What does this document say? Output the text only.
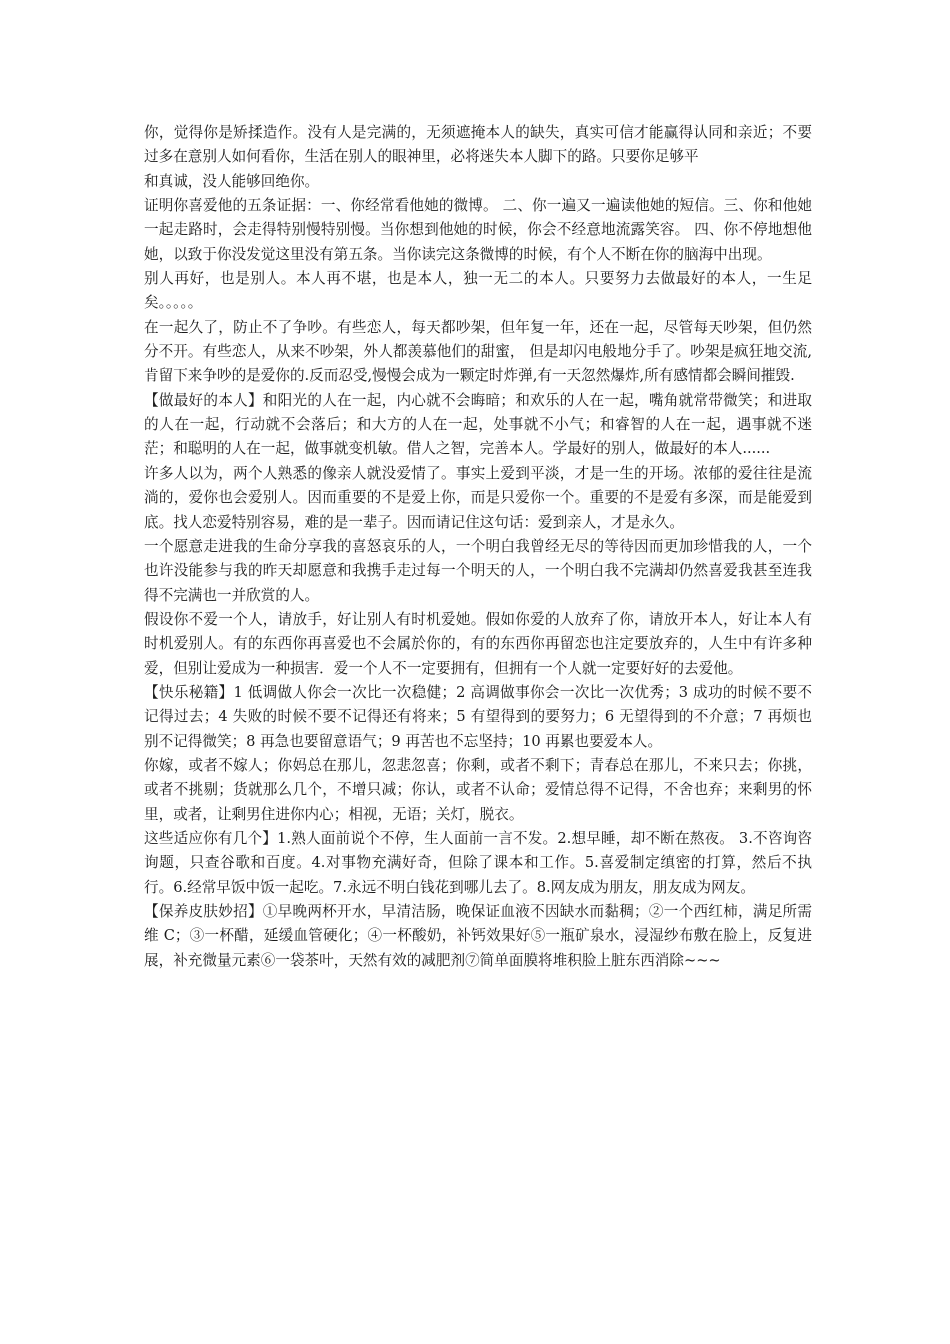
你，觉得你是矫揉造作。没有人是完满的，无须遮掩本人的缺失，真实可信才能赢得认同和亲近；不要过多在意别人如何看你，生活在别人的眼神里，必将迷失本人脚下的路。只要你足够平

和真诚，没人能够回绝你。

证明你喜爱他的五条证据：一、你经常看他她的微博。 二、你一遍又一遍读他她的短信。三、你和他她一起走路时，会走得特别慢特别慢。当你想到他她的时候，你会不经意地流露笑容。 四、你不停地想他她，以致于你没发觉这里没有第五条。当你读完这条微博的时候，有个人不断在你的脑海中出现。

别人再好，也是别人。本人再不堪，也是本人，独一无二的本人。只要努力去做最好的本人，一生足矣。。。。。

在一起久了，防止不了争吵。有些恋人，每天都吵架，但年复一年，还在一起，尽管每天吵架，但仍然分不开。有些恋人，从来不吵架，外人都羡慕他们的甜蜜， 但是却闪电般地分手了。吵架是疯狂地交流,肯留下来争吵的是爱你的.反而忍受,慢慢会成为一颗定时炸弹,有一天忽然爆炸,所有感情都会瞬间摧毁.

【做最好的本人】和阳光的人在一起，内心就不会晦暗；和欢乐的人在一起，嘴角就常带微笑；和进取的人在一起，行动就不会落后；和大方的人在一起，处事就不小气；和睿智的人在一起，遇事就不迷茫；和聪明的人在一起，做事就变机敏。借人之智，完善本人。学最好的别人，做最好的本人......

许多人以为，两个人熟悉的像亲人就没爱情了。事实上爱到平淡，才是一生的开场。浓郁的爱往往是流淌的，爱你也会爱别人。因而重要的不是爱上你，而是只爱你一个。重要的不是爱有多深，而是能爱到底。找人恋爱特别容易，难的是一辈子。因而请记住这句话：爱到亲人，才是永久。

一个愿意走进我的生命分享我的喜怒哀乐的人，一个明白我曾经无尽的等待因而更加珍惜我的人，一个也许没能参与我的昨天却愿意和我携手走过每一个明天的人，一个明白我不完满却仍然喜爱我甚至连我得不完满也一并欣赏的人。

假设你不爱一个人，请放手，好让别人有时机爱她。假如你爱的人放弃了你，请放开本人，好让本人有时机爱别人。有的东西你再喜爱也不会属於你的，有的东西你再留恋也注定要放弃的，人生中有许多种爱，但别让爱成为一种损害．爱一个人不一定要拥有，但拥有一个人就一定要好好的去爱他。

【快乐秘籍】1 低调做人你会一次比一次稳健；2 高调做事你会一次比一次优秀；3 成功的时候不要不记得过去；4 失败的时候不要不记得还有将来；5 有望得到的要努力；6 无望得到的不介意；7 再烦也别不记得微笑；8 再急也要留意语气；9 再苦也不忘坚持；10 再累也要爱本人。

你嫁，或者不嫁人；你妈总在那儿，忽悲忽喜；你剩，或者不剩下；青春总在那儿，不来只去；你挑，或者不挑剔；货就那么几个，不增只减；你认，或者不认命；爱情总得不记得，不舍也弃；来剩男的怀里，或者，让剩男住进你内心；相视，无语；关灯，脱衣。

这些适应你有几个】1.熟人面前说个不停，生人面前一言不发。2.想早睡，却不断在熬夜。 3.不咨询咨询题，只查谷歌和百度。4.对事物充满好奇，但除了课本和工作。5.喜爱制定缜密的打算，然后不执行。6.经常早饭中饭一起吃。7.永远不明白钱花到哪儿去了。8.网友成为朋友，朋友成为网友。

【保养皮肤妙招】①早晚两杯开水，早清洁肠，晚保证血液不因缺水而黏稠；②一个西红柿，满足所需维 C；③一杯醋，延缓血管硬化；④一杯酸奶，补钙效果好⑤一瓶矿泉水，浸湿纱布敷在脸上，反复进展，补充微量元素⑥一袋茶叶，天然有效的减肥剂⑦简单面膜将堆积脸上脏东西消除~~~
